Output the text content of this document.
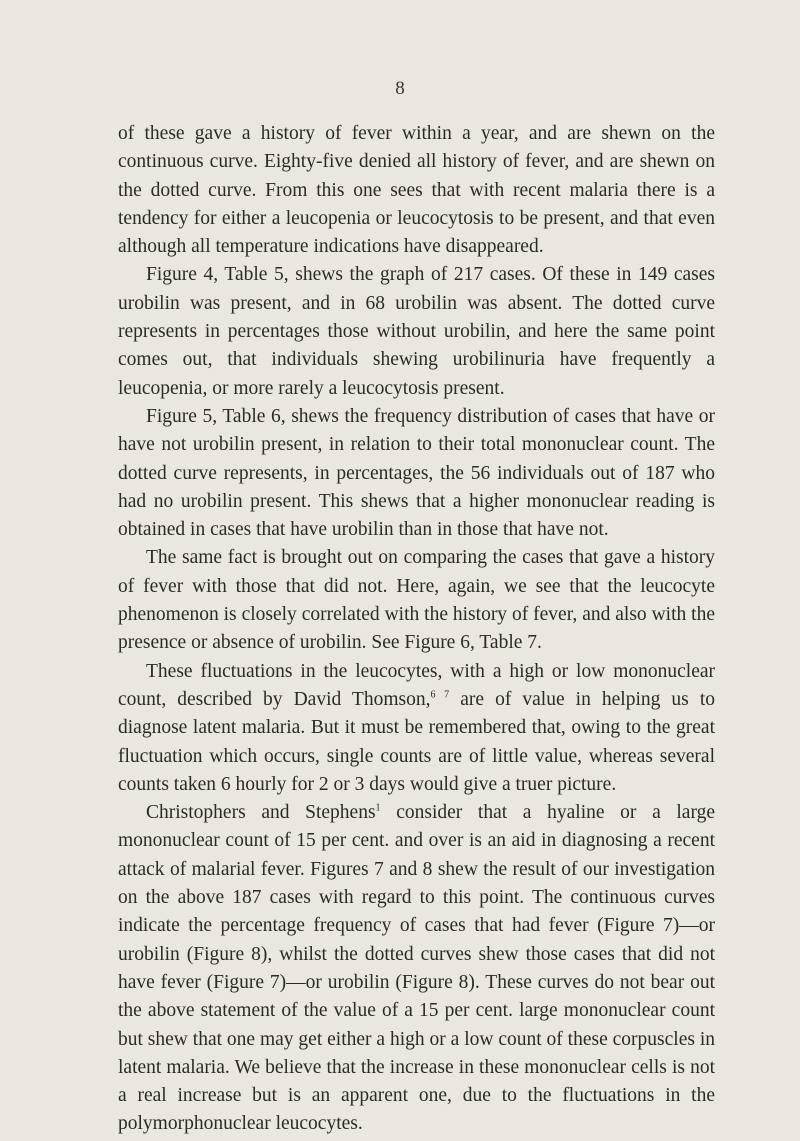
8

of these gave a history of fever within a year, and are shewn on the continuous curve. Eighty-five denied all history of fever, and are shewn on the dotted curve. From this one sees that with recent malaria there is a tendency for either a leucopenia or leucocytosis to be present, and that even although all temperature indications have disappeared.

Figure 4, Table 5, shews the graph of 217 cases. Of these in 149 cases urobilin was present, and in 68 urobilin was absent. The dotted curve represents in percentages those without urobilin, and here the same point comes out, that individuals shewing urobilinuria have frequently a leucopenia, or more rarely a leucocytosis present.

Figure 5, Table 6, shews the frequency distribution of cases that have or have not urobilin present, in relation to their total mononuclear count. The dotted curve represents, in percentages, the 56 individuals out of 187 who had no urobilin present. This shews that a higher mononuclear reading is obtained in cases that have urobilin than in those that have not.

The same fact is brought out on comparing the cases that gave a history of fever with those that did not. Here, again, we see that the leucocyte phenomenon is closely correlated with the history of fever, and also with the presence or absence of urobilin. See Figure 6, Table 7.

These fluctuations in the leucocytes, with a high or low mononuclear count, described by David Thomson,$^{6 7}$ are of value in helping us to diagnose latent malaria. But it must be remembered that, owing to the great fluctuation which occurs, single counts are of little value, whereas several counts taken 6 hourly for 2 or 3 days would give a truer picture.

Christophers and Stephens$^1$ consider that a hyaline or a large mononuclear count of 15 per cent. and over is an aid in diagnosing a recent attack of malarial fever. Figures 7 and 8 shew the result of our investigation on the above 187 cases with regard to this point. The continuous curves indicate the percentage frequency of cases that had fever (Figure 7)—or urobilin (Figure 8), whilst the dotted curves shew those cases that did not have fever (Figure 7)—or urobilin (Figure 8). These curves do not bear out the above statement of the value of a 15 per cent. large mononuclear count but shew that one may get either a high or a low count of these corpuscles in latent malaria. We believe that the increase in these mononuclear cells is not a real increase but is an apparent one, due to the fluctuations in the polymorphonuclear leucocytes.
